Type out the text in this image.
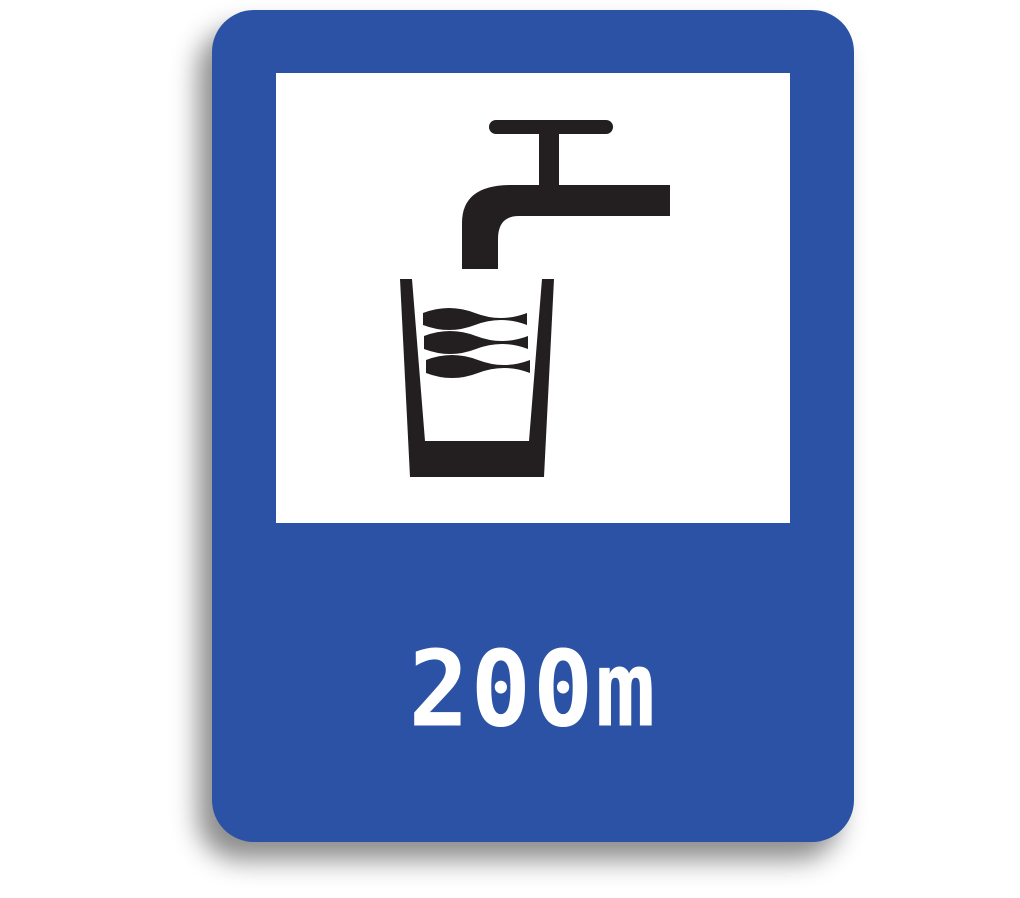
200m
